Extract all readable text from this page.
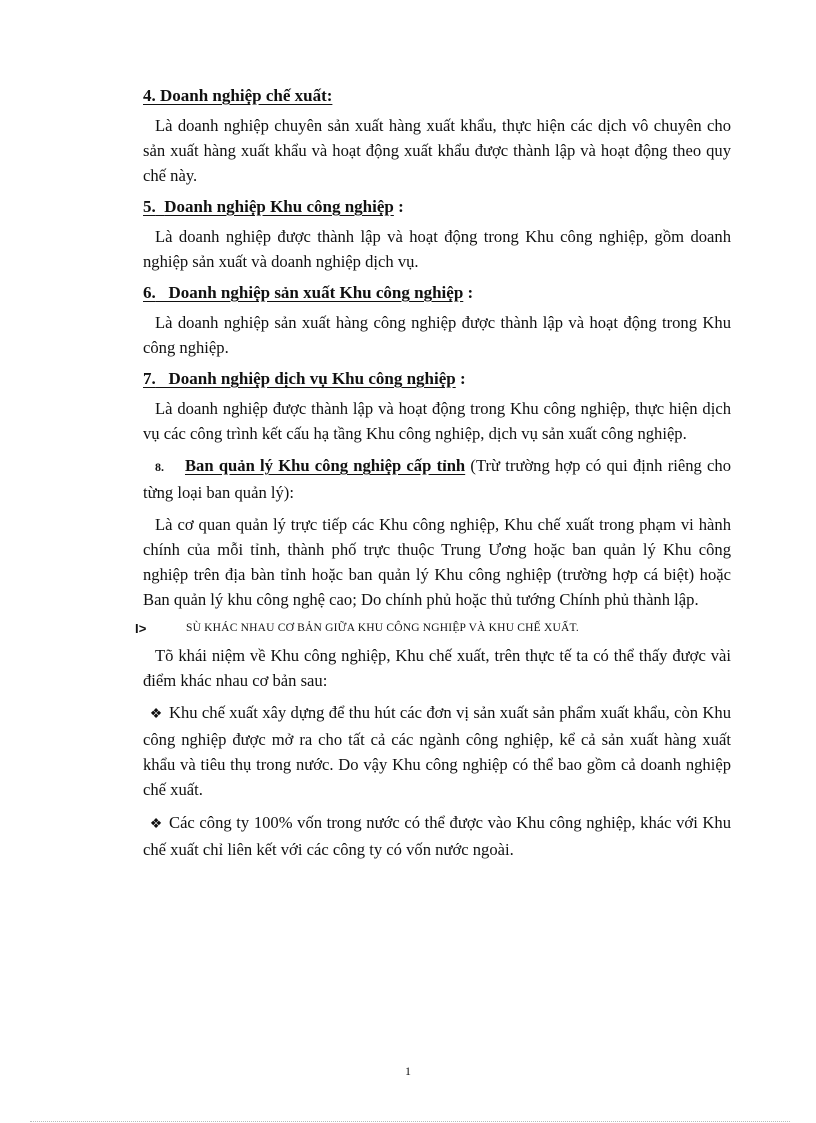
4. Doanh nghiệp chế xuất:

Là doanh nghiệp chuyên sản xuất hàng xuất khẩu, thực hiện các dịch vô chuyên cho sản xuất hàng xuất khẩu và hoạt động xuất khẩu được thành lập và hoạt động theo quy chế này.

5. Doanh nghiệp Khu công nghiệp :

Là doanh nghiệp được thành lập và hoạt động trong Khu công nghiệp, gồm doanh nghiệp sản xuất và doanh nghiệp dịch vụ.

6. Doanh nghiệp sản xuất Khu công nghiệp :

Là doanh nghiệp sản xuất hàng công nghiệp được thành lập và hoạt động trong Khu công nghiệp.

7. Doanh nghiệp dịch vụ Khu công nghiệp :

Là doanh nghiệp được thành lập và hoạt động trong Khu công nghiệp, thực hiện dịch vụ các công trình kết cấu hạ tầng Khu công nghiệp, dịch vụ sản xuất công nghiệp.

8. Ban quản lý Khu công nghiệp cấp tỉnh (Trừ trường hợp có qui định riêng cho từng loại ban quản lý):

Là cơ quan quản lý trực tiếp các Khu công nghiệp, Khu chế xuất trong phạm vi hành chính của mỗi tỉnh, thành phố trực thuộc Trung Ương hoặc ban quản lý Khu công nghiệp trên địa bàn tỉnh hoặc ban quản lý Khu công nghiệp (trường hợp cá biệt) hoặc Ban quản lý khu công nghệ cao; Do chính phủ hoặc thủ tướng Chính phủ thành lập.

I>	SÙ KHÁC NHAU CƠ BẢN GIỮA KHU CÔNG NGHIỆP VÀ KHU CHẾ XUẤT.

Tõ khái niệm về Khu công nghiệp, Khu chế xuất, trên thực tế ta có thể thấy được vài điểm khác nhau cơ bản sau:

❖ Khu chế xuất xây dựng để thu hút các đơn vị sản xuất sản phẩm xuất khẩu, còn Khu công nghiệp được mở ra cho tất cả các ngành công nghiệp, kể cả sản xuất hàng xuất khẩu và tiêu thụ trong nước. Do vậy Khu công nghiệp có thể bao gồm cả doanh nghiệp chế xuất.

❖ Các công ty 100% vốn trong nước có thể được vào Khu công nghiệp, khác với Khu chế xuất chỉ liên kết với các công ty có vốn nước ngoài.

1
